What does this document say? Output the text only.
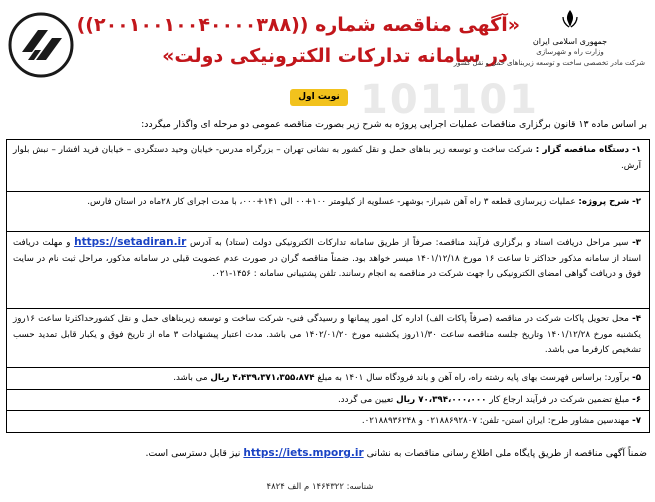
101101
«آگهی مناقصه شماره ((۲۰۰۱۰۰۱۰۰۴۰۰۰۰۳۸۸))
در سامانه تدارکات الکترونیکی دولت»
جمهوری اسلامی ایران
وزارت راه و شهرسازی
شرکت مادر تخصصی ساخت و توسعه زیربناهای حمل و نقل کشور
نوبت اول
بر اساس ماده ۱۳ قانون برگزاری مناقصات عملیات اجرایی پروژه به شرح زیر بصورت مناقصه عمومی دو مرحله ای واگذار میگردد:
۱- دستگاه مناقصه گزار : شرکت ساخت و توسعه زیر بناهای حمل و نقل کشور به نشانی تهران – بزرگراه مدرس- خیابان وحید دستگردی – خیابان فرید افشار – نبش بلوار آرش.
۲- شرح پروژه: عملیات زیرسازی قطعه ۳ راه آهن شیراز- بوشهر- عسلویه از کیلومتر ۱۰۰+۰۰ الی ۱۴۱+۰۰۰، با مدت اجرای کار ۲۸ماه در استان فارس.
۳- سیر مراحل دریافت اسناد و برگزاری فرآیند مناقصه: صرفاً از طریق سامانه تدارکات الکترونیکی دولت (ستاد) به آدرس https://setadiran.ir و مهلت دریافت اسناد از سامانه مذکور حداکثر تا ساعت ۱۶ مورخ ۱۴۰۱/۱۲/۱۸ میسر خواهد بود. ضمناً مناقصه گران در صورت عدم عضویت قبلی در سامانه مذکور، مراحل ثبت نام در سایت فوق و دریافت گواهی امضای الکترونیکی را جهت شرکت در مناقصه به انجام رسانند. تلفن پشتیبانی سامانه : ۱۴۵۶-۰۲۱.
۴- محل تحویل پاکات شرکت در مناقصه (صرفاً پاکات الف) اداره کل امور پیمانها و رسیدگی فنی- شرکت ساخت و توسعه زیربناهای حمل و نقل کشورحداکثرتا ساعت ۱۶روز یکشنبه مورخ ۱۴۰۱/۱۲/۲۸ وتاریخ جلسه مناقصه ساعت ۱۱/۳۰روز یکشنبه مورخ ۱۴۰۲/۰۱/۲۰ می باشد. مدت اعتبار پیشنهادات ۳ ماه از تاریخ فوق و یکبار قابل تمدید حسب تشخیص کارفرما می باشد.
۵- برآورد: براساس فهرست بهای پایه رشته راه، راه آهن و باند فرودگاه سال ۱۴۰۱ به مبلغ ۴،۴۳۹،۳۷۱،۳۵۵،۸۷۴ ریال می باشد.
۶- مبلغ تضمین شرکت در فرآیند ارجاع کار ۷۰،۳۹۴،۰۰۰،۰۰۰ ریال تعیین می گردد.
۷- مهندسین مشاور طرح: ایران استن- تلفن: ۰۲۱۸۸۶۹۲۸۰۷ و ۰۲۱۸۸۹۳۶۲۴۸.
ضمناً آگهی مناقصه از طریق پایگاه ملی اطلاع رسانی مناقصات به نشانی https://iets.mporg.ir نیز قابل دسترسی است.
شناسه: ۱۴۶۴۳۲۲ م الف ۴۸۲۴
